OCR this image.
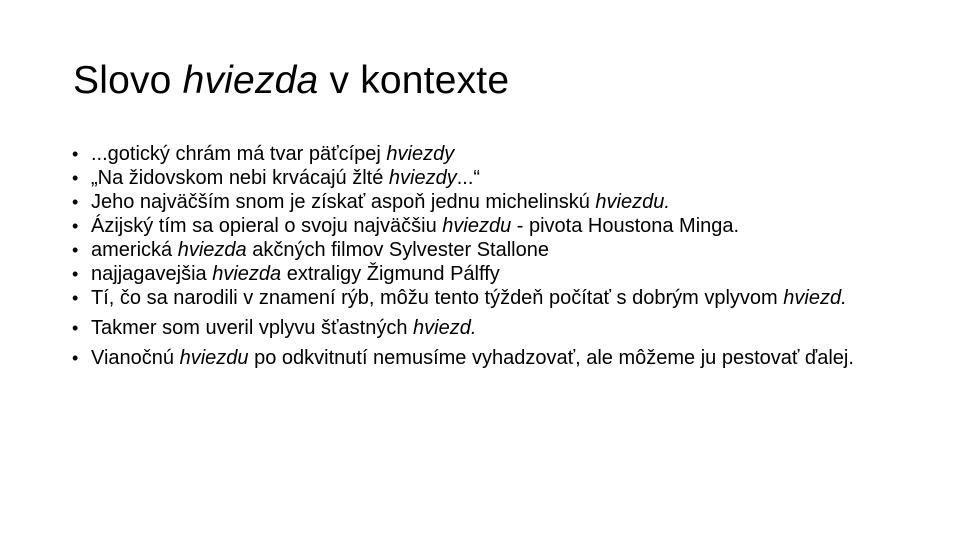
Slovo hviezda v kontexte
• ...gotický chrám má tvar päťcípej hviezdy
• „Na židovskom nebi krvácajú žlté hviezdy...“
• Jeho najväčším snom je získať aspoň jednu michelinskú hviezdu.
• Ázijský tím sa opieral o svoju najväčšiu hviezdu - pivota Houstona Minga.
• americká hviezda akčných filmov Sylvester Stallone
• najjagavejšia hviezda extraligy Žigmund Pálffy
• Tí, čo sa narodili v znamení rýb, môžu tento týždeň počítať s dobrým vplyvom hviezd.
• Takmer som uveril vplyvu šťastných hviezd.
• Vianočnú hviezdu po odkvitnutí nemusíme vyhadzovať, ale môžeme ju pestovať ďalej.
